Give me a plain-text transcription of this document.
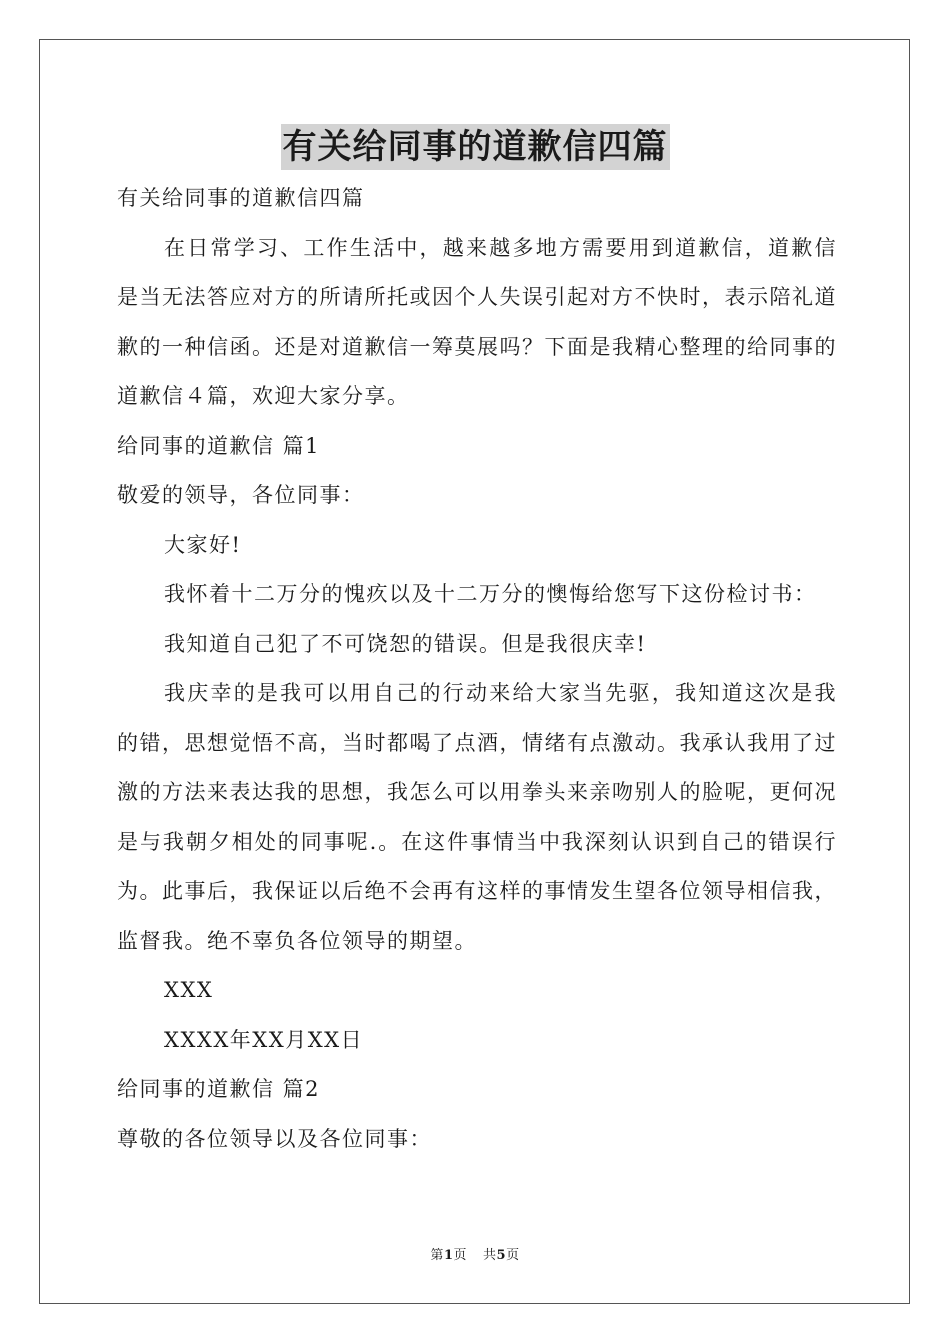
有关给同事的道歉信四篇

有关给同事的道歉信四篇

在日常学习、工作生活中，越来越多地方需要用到道歉信，道歉信是当无法答应对方的所请所托或因个人失误引起对方不快时，表示陪礼道歉的一种信函。还是对道歉信一筹莫展吗？下面是我精心整理的给同事的道歉信４篇，欢迎大家分享。

给同事的道歉信 篇1

敬爱的领导，各位同事：

大家好!

我怀着十二万分的愧疚以及十二万分的懊悔给您写下这份检讨书：

我知道自己犯了不可饶恕的错误。但是我很庆幸!

我庆幸的是我可以用自己的行动来给大家当先驱，我知道这次是我的错，思想觉悟不高，当时都喝了点酒，情绪有点激动。我承认我用了过激的方法来表达我的思想，我怎么可以用拳头来亲吻别人的脸呢，更何况是与我朝夕相处的同事呢.。在这件事情当中我深刻认识到自己的错误行为。此事后，我保证以后绝不会再有这样的事情发生望各位领导相信我，监督我。绝不辜负各位领导的期望。

XXX

XXXX年XX月XX日

给同事的道歉信 篇2

尊敬的各位领导以及各位同事：

第1页 共5页
